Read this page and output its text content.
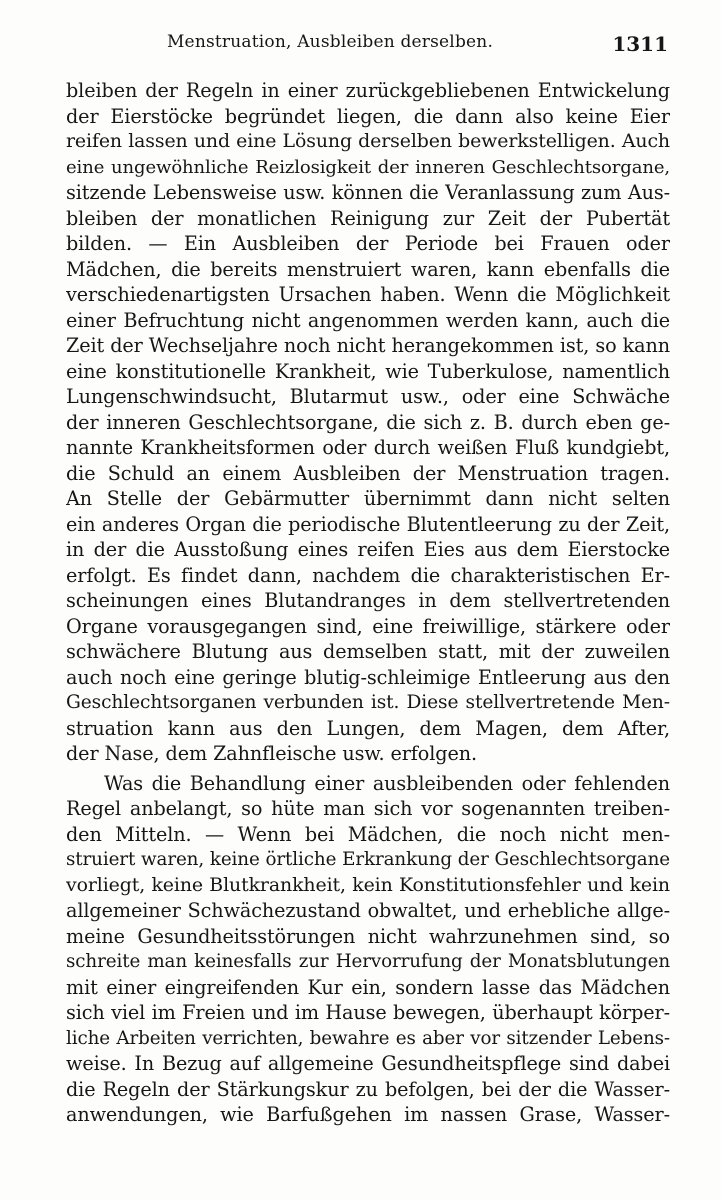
Menstruation, Ausbleiben derselben.	1311
bleiben der Regeln in einer zurückgebliebenen Entwickelung
der Eierstöcke begründet liegen, die dann also keine Eier
reifen lassen und eine Lösung derselben bewerkstelligen. Auch
eine ungewöhnliche Reizlosigkeit der inneren Geschlechtsorgane,
sitzende Lebensweise usw. können die Veranlassung zum Aus-
bleiben der monatlichen Reinigung zur Zeit der Pubertät
bilden. — Ein Ausbleiben der Periode bei Frauen oder
Mädchen, die bereits menstruiert waren, kann ebenfalls die
verschiedenartigsten Ursachen haben. Wenn die Möglichkeit
einer Befruchtung nicht angenommen werden kann, auch die
Zeit der Wechseljahre noch nicht herangekommen ist, so kann
eine konstitutionelle Krankheit, wie Tuberkulose, namentlich
Lungenschwindsucht, Blutarmut usw., oder eine Schwäche
der inneren Geschlechtsorgane, die sich z. B. durch eben ge-
nannte Krankheitsformen oder durch weißen Fluß kundgiebt,
die Schuld an einem Ausbleiben der Menstruation tragen.
An Stelle der Gebärmutter übernimmt dann nicht selten
ein anderes Organ die periodische Blutentleerung zu der Zeit,
in der die Ausstoßung eines reifen Eies aus dem Eierstocke
erfolgt. Es findet dann, nachdem die charakteristischen Er-
scheinungen eines Blutandranges in dem stellvertretenden
Organe vorausgegangen sind, eine freiwillige, stärkere oder
schwächere Blutung aus demselben statt, mit der zuweilen
auch noch eine geringe blutig-schleimige Entleerung aus den
Geschlechtsorganen verbunden ist. Diese stellvertretende Men-
struation kann aus den Lungen, dem Magen, dem After,
der Nase, dem Zahnfleische usw. erfolgen.
Was die Behandlung einer ausbleibenden oder fehlenden
Regel anbelangt, so hüte man sich vor sogenannten treiben-
den Mitteln. — Wenn bei Mädchen, die noch nicht men-
struiert waren, keine örtliche Erkrankung der Geschlechtsorgane
vorliegt, keine Blutkrankheit, kein Konstitutionsfehler und kein
allgemeiner Schwächezustand obwaltet, und erhebliche allge-
meine Gesundheitsstörungen nicht wahrzunehmen sind, so
schreite man keinesfalls zur Hervorrufung der Monatsblutungen
mit einer eingreifenden Kur ein, sondern lasse das Mädchen
sich viel im Freien und im Hause bewegen, überhaupt körper-
liche Arbeiten verrichten, bewahre es aber vor sitzender Lebens-
weise. In Bezug auf allgemeine Gesundheitspflege sind dabei
die Regeln der Stärkungskur zu befolgen, bei der die Wasser-
anwendungen, wie Barfußgehen im nassen Grase, Wasser-
